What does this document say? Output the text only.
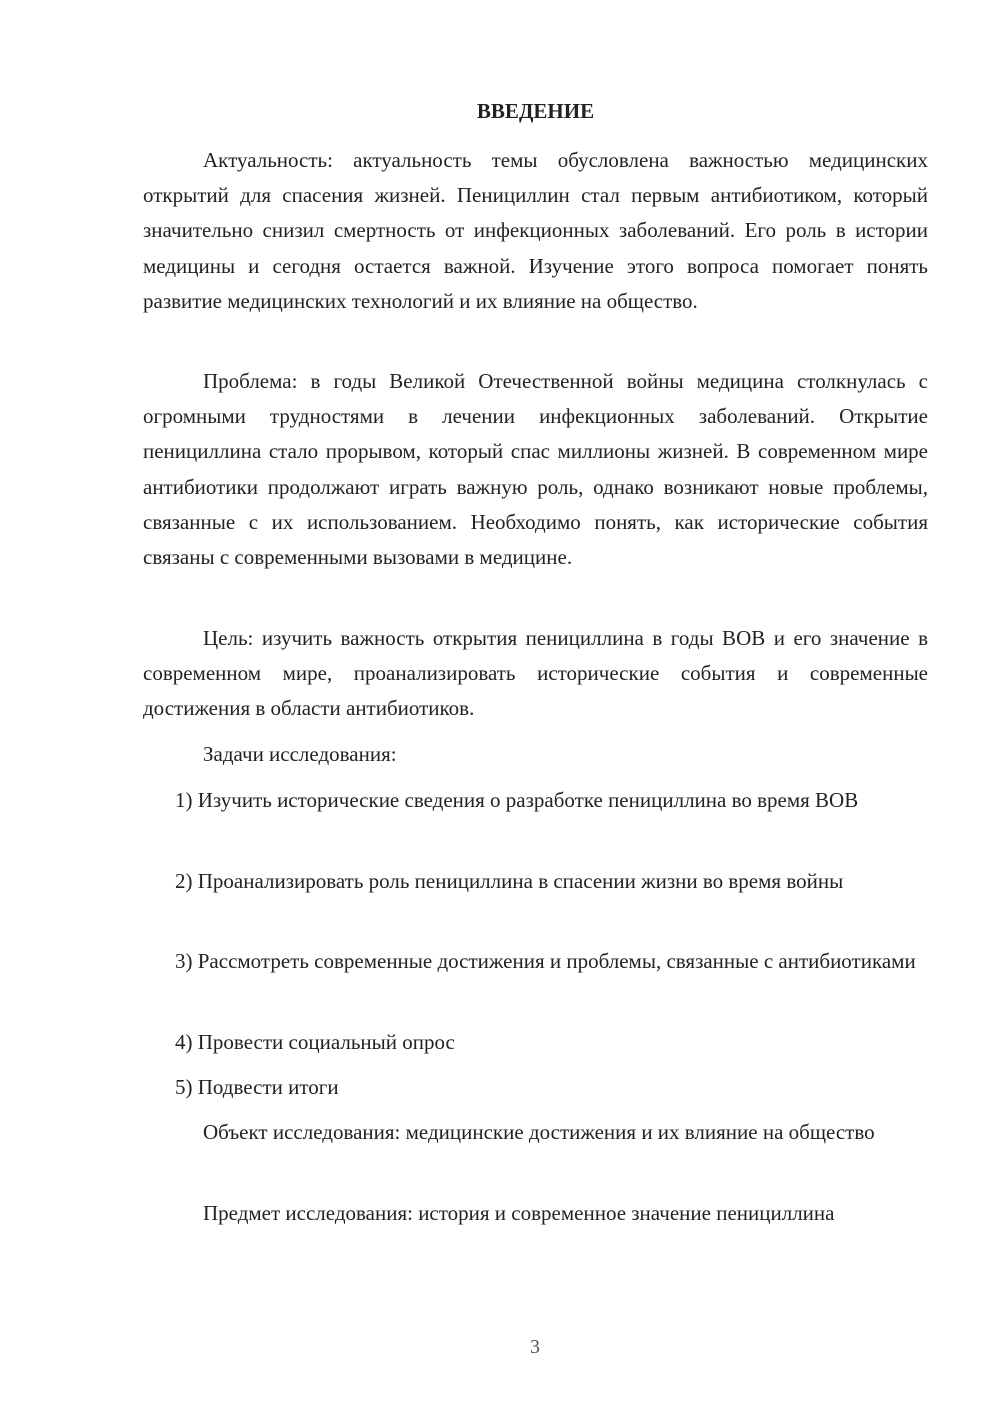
ВВЕДЕНИЕ

Актуальность: актуальность темы обусловлена важностью медицинских открытий для спасения жизней. Пенициллин стал первым антибиотиком, который значительно снизил смертность от инфекционных заболеваний. Его роль в истории медицины и сегодня остается важной. Изучение этого вопроса помогает понять развитие медицинских технологий и их влияние на общество.

Проблема: в годы Великой Отечественной войны медицина столкнулась с огромными трудностями в лечении инфекционных заболеваний. Открытие пенициллина стало прорывом, который спас миллионы жизней. В современном мире антибиотики продолжают играть важную роль, однако возникают новые проблемы, связанные с их использованием. Необходимо понять, как исторические события связаны с современными вызовами в медицине.

Цель: изучить важность открытия пенициллина в годы ВОВ и его значение в современном мире, проанализировать исторические события и современные достижения в области антибиотиков.

Задачи исследования:

1) Изучить исторические сведения о разработке пенициллина во время ВОВ

2) Проанализировать роль пенициллина в спасении жизни во время войны

3) Рассмотреть современные достижения и проблемы, связанные с антибиотиками

4) Провести социальный опрос

5) Подвести итоги

Объект исследования: медицинские достижения и их влияние на общество

Предмет исследования: история и современное значение пенициллина

3
